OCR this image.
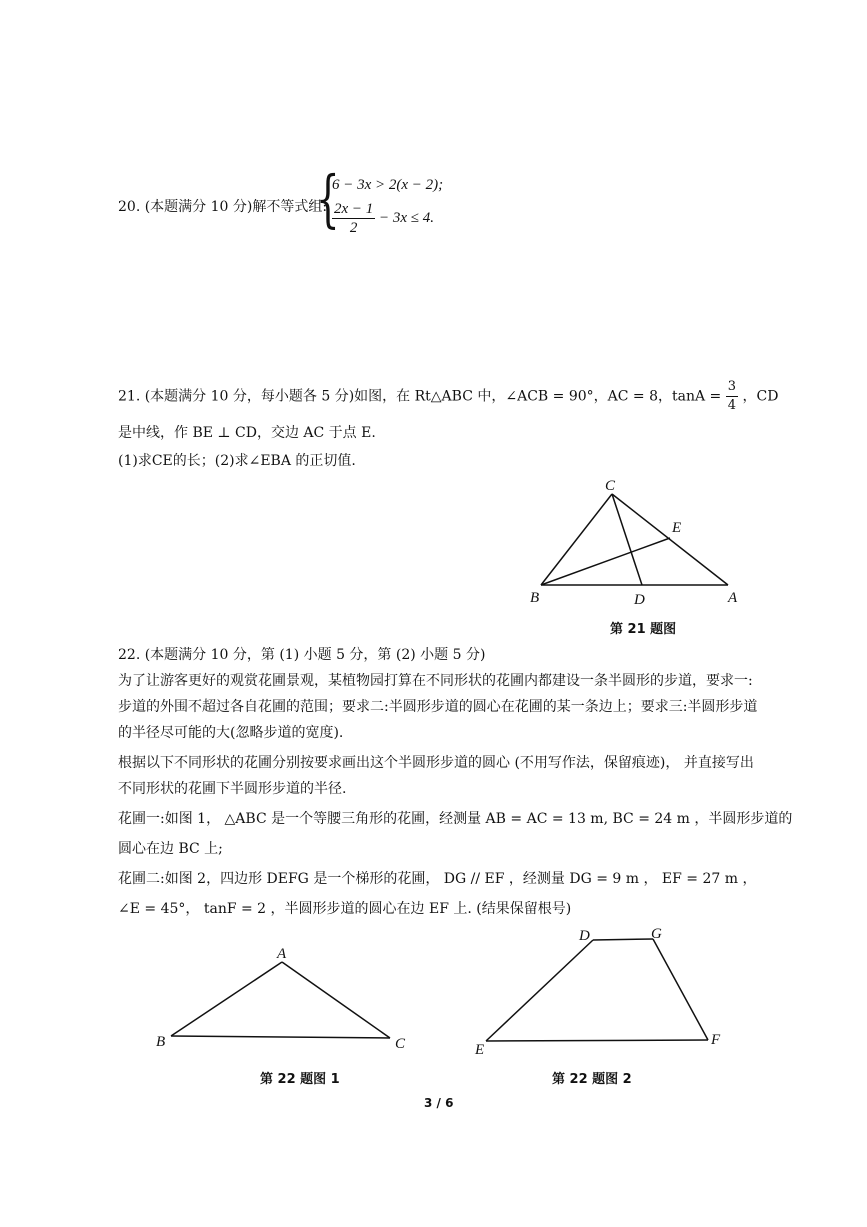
20. (本题满分 10 分)解不等式组:
{
6 − 3x > 2(x − 2);
$\frac{2x - 1}{2} - 3x \le 4$.
21. (本题满分 10 分，每小题各 5 分)如图，在 Rt△ABC 中，∠ACB = 90°，AC = 8，$\tan A = \frac{3}{4}$ ，CD
是中线，作 BE ⊥ CD，交边 AC 于点 E.
(1)求CE的长；(2)求∠EBA 的正切值.
C
E
B	D	A
第 21 题图
22. (本题满分 10 分，第 (1) 小题 5 分，第 (2) 小题 5 分)
为了让游客更好的观赏花圃景观，某植物园打算在不同形状的花圃内都建设一条半圆形的步道，要求一:
步道的外围不超过各自花圃的范围；要求二:半圆形步道的圆心在花圃的某一条边上；要求三:半圆形步道
的半径尽可能的大(忽略步道的宽度).
根据以下不同形状的花圃分别按要求画出这个半圆形步道的圆心 (不用写作法，保留痕迹)， 并直接写出
不同形状的花圃下半圆形步道的半径.
花圃一:如图 1， △ABC 是一个等腰三角形的花圃，经测量 AB = AC = 13 m, BC = 24 m ，半圆形步道的
圆心在边 BC 上;
花圃二:如图 2，四边形 DEFG 是一个梯形的花圃， DG // EF ，经测量 DG = 9 m ， EF = 27 m ，
∠E = 45°， tanF = 2 ，半圆形步道的圆心在边 EF 上. (结果保留根号)
A
B	C
第 22 题图 1
D	G
E
F
第 22 题图 2
3 / 6
